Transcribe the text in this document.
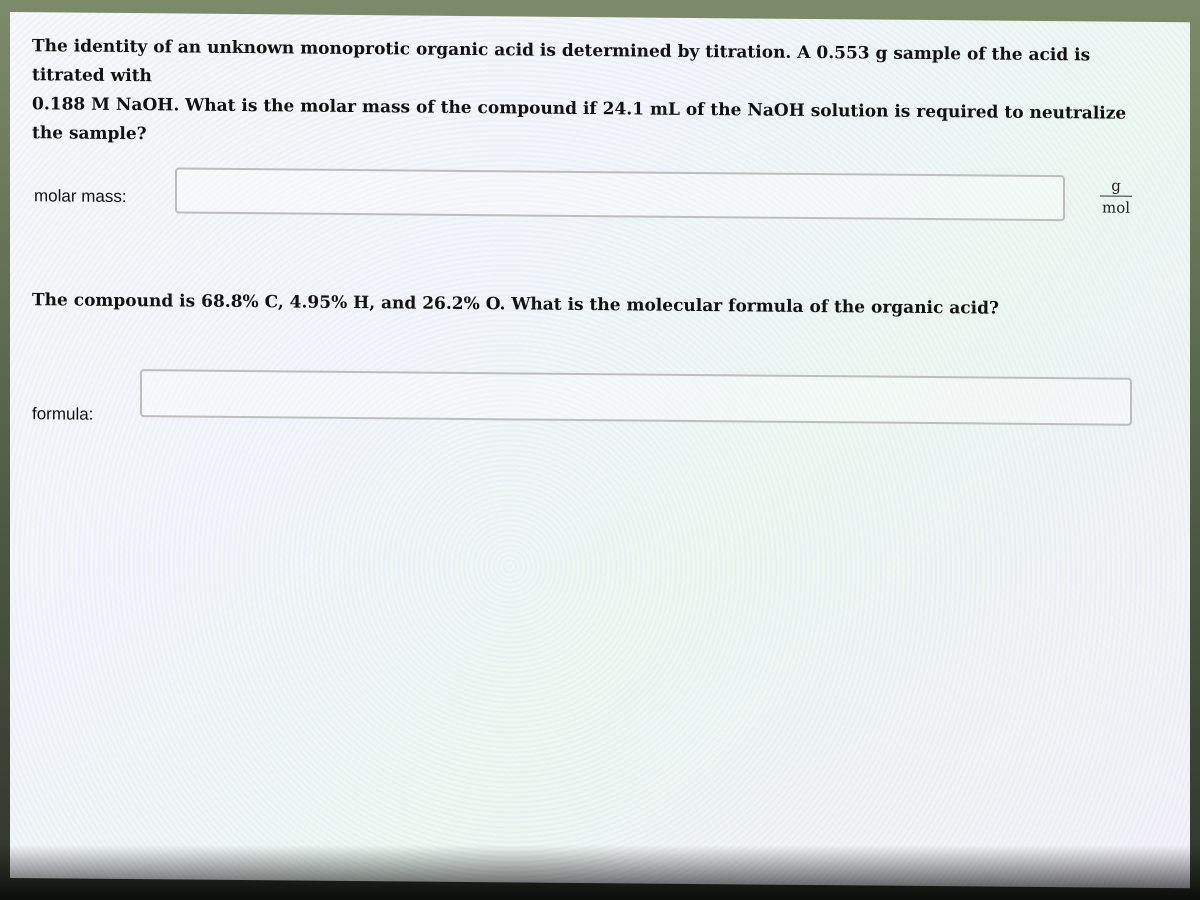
The identity of an unknown monoprotic organic acid is determined by titration. A 0.553 g sample of the acid is titrated with
0.188 M NaOH. What is the molar mass of the compound if 24.1 mL of the NaOH solution is required to neutralize the sample?
molar mass:
g
mol
The compound is 68.8% C, 4.95% H, and 26.2% O. What is the molecular formula of the organic acid?
formula:
